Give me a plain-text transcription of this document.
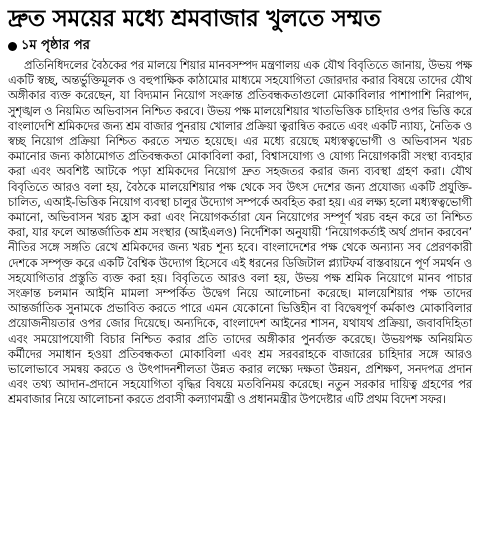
দ্রুত সময়ের মধ্যে শ্রমবাজার খুলতে সম্মত
১ম পৃষ্ঠার পর
প্রতিনিধিদলের বৈঠকের পর মালয়ে শিয়ার মানবসম্পদ মন্ত্রণালয় এক যৌথ বিবৃতিতে জানায়, উভয় পক্ষ একটি স্বচ্ছ, অন্তর্ভুক্তিমূলক ও বহুপাক্ষিক কাঠামোর মাধ্যমে সহযোগিতা জোরদার করার বিষয়ে তাদের যৌথ অঙ্গীকার ব্যক্ত করেছেন, যা বিদ্যমান নিয়োগ সংক্রান্ত প্রতিবন্ধকতাগুলো মোকাবিলার পাশাপাশি নিরাপদ, সুশৃঙ্খল ও নিয়মিত অভিবাসন নিশ্চিত করবে। উভয় পক্ষ মালয়েশিয়ার খাতভিত্তিক চাহিদার ওপর ভিত্তি করে বাংলাদেশি শ্রমিকদের জন্য শ্রম বাজার পুনরায় খোলার প্রক্রিয়া ত্বরান্বিত করতে এবং একটি ন্যায্য, নৈতিক ও স্বচ্ছ নিয়োগ প্রক্রিয়া নিশ্চিত করতে সম্মত হয়েছে। এর মধ্যে রয়েছে মধ্যস্বত্বভোগী ও অভিবাসন খরচ কমানোর জন্য কাঠামোগত প্রতিবন্ধকতা মোকাবিলা করা, বিশ্বাসযোগ্য ও যোগ্য নিয়োগকারী সংস্থা ব্যবহার করা এবং অবশিষ্ট আটকে পড়া শ্রমিকদের নিয়োগ দ্রুত সহজতর করার জন্য ব্যবস্থা গ্রহণ করা। যৌথ বিবৃতিতে আরও বলা হয়, বৈঠকে মালয়েশিয়ার পক্ষ থেকে সব উৎস দেশের জন্য প্রযোজ্য একটি প্রযুক্তি-চালিত, এআই-ভিত্তিক নিয়োগ ব্যবস্থা চালুর উদ্যোগ সম্পর্কে অবহিত করা হয়। এর লক্ষ্য হলো মধ্যস্বত্বভোগী কমানো, অভিবাসন খরচ হ্রাস করা এবং নিয়োগকর্তারা যেন নিয়োগের সম্পূর্ণ খরচ বহন করে তা নিশ্চিত করা, যার ফলে আন্তর্জাতিক শ্রম সংস্থার (আইএলও) নির্দেশিকা অনুযায়ী ‘নিয়োগকর্তাই অর্থ প্রদান করবেন’ নীতির সঙ্গে সঙ্গতি রেখে শ্রমিকদের জন্য খরচ শূন্য হবে। বাংলাদেশের পক্ষ থেকে অন্যান্য সব প্রেরণকারী দেশকে সম্পৃক্ত করে একটি বৈশ্বিক উদ্যোগ হিসেবে এই ধরনের ডিজিটাল প্ল্যাটফর্ম বাস্তবায়নে পূর্ণ সমর্থন ও সহযোগিতার প্রস্তুতি ব্যক্ত করা হয়। বিবৃতিতে আরও বলা হয়, উভয় পক্ষ শ্রমিক নিয়োগে মানব পাচার সংক্রান্ত চলমান আইনি মামলা সম্পর্কিত উদ্বেগ নিয়ে আলোচনা করেছে। মালয়েশিয়ার পক্ষ তাদের আন্তর্জাতিক সুনামকে প্রভাবিত করতে পারে এমন যেকোনো ভিত্তিহীন বা বিদ্বেষপূর্ণ কর্মকাণ্ড মোকাবিলার প্রয়োজনীয়তার ওপর জোর দিয়েছে। অন্যদিকে, বাংলাদেশ আইনের শাসন, যথাযথ প্রক্রিয়া, জবাবদিহিতা এবং সময়োপযোগী বিচার নিশ্চিত করার প্রতি তাদের অঙ্গীকার পুনর্ব্যক্ত করেছে। উভয়পক্ষ অনিয়মিত কর্মীদের সমাধান হওয়া প্রতিবন্ধকতা মোকাবিলা এবং শ্রম সরবরাহকে বাজারের চাহিদার সঙ্গে আরও ভালোভাবে সমন্বয় করতে ও উৎপাদনশীলতা উন্নত করার লক্ষ্যে দক্ষতা উন্নয়ন, প্রশিক্ষণ, সনদপত্র প্রদান এবং তথ্য আদান-প্রদানে সহযোগিতা বৃদ্ধির বিষয়ে মতবিনিময় করেছে। নতুন সরকার দায়িত্ব গ্রহণের পর শ্রমবাজার নিয়ে আলোচনা করতে প্রবাসী কল্যাণমন্ত্রী ও প্রধানমন্ত্রীর উপদেষ্টার এটি প্রথম বিদেশ সফর।
